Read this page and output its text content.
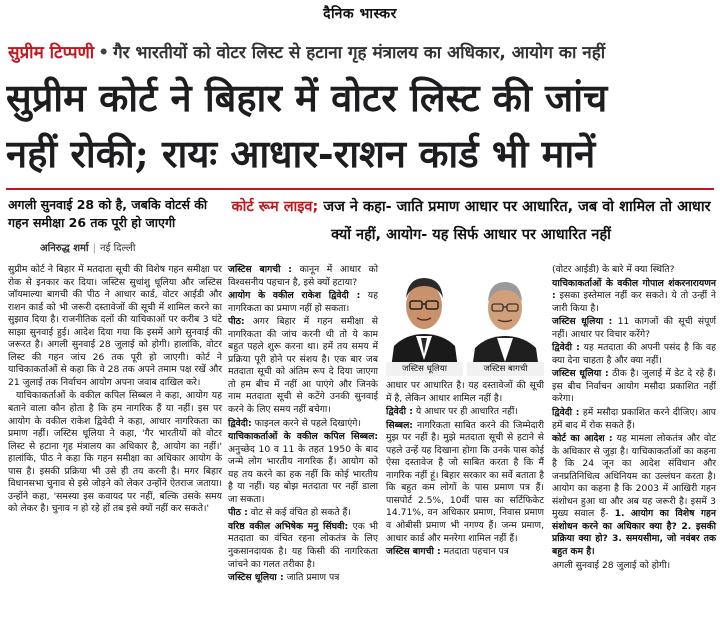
दैनिक भास्कर
सुप्रीम टिप्पणी • गैर भारतीयों को वोटर लिस्ट से हटाना गृह मंत्रालय का अधिकार, आयोग का नहीं
सुप्रीम कोर्ट ने बिहार में वोटर लिस्ट की जांच
नहीं रोकी; रायः आधार-राशन कार्ड भी मानें
अगली सुनवाई 28 को है, जबकि वोटर्स की गहन समीक्षा 26 तक पूरी हो जाएगी
अनिरुद्ध शर्मा | नई दिल्ली
कोर्ट रूम लाइव; जज ने कहा- जाति प्रमाण आधार पर आधारित, जब वो शामिल तो आधार क्यों नहीं, आयोग- यह सिर्फ आधार पर आधारित नहीं

सुप्रीम कोर्ट ने बिहार में मतदाता सूची की विशेष गहन समीक्षा पर रोक से इनकार कर दिया। जस्टिस सुधांशु धूलिया और जस्टिस जॉयमाल्या बागची की पीठ ने आधार कार्ड, वोटर आईडी और राशन कार्ड को भी जरूरी दस्तावेजों की सूची में शामिल करने का सुझाव दिया है। राजनीतिक दलों की याचिकाओं पर करीब 3 घंटे साझा सुनवाई हुई। आदेश दिया गया कि इसमें आगे सुनवाई की जरूरत है। अगली सुनवाई 28 जुलाई को होगी। हालांकि, वोटर लिस्ट की गहन जांच 26 तक पूरी हो जाएगी। कोर्ट ने याचिकाकर्ताओं से कहा कि वे 28 तक अपने तमाम पक्ष रखें और 21 जुलाई तक निर्वाचन आयोग अपना जवाब दाखिल करे।

याचिकाकर्ताओं के वकील कपिल सिब्बल ने कहा, आयोग यह बताने वाला कौन होता है कि हम नागरिक हैं या नहीं। इस पर आयोग के वकील राकेश द्विवेदी ने कहा, आधार नागरिकता का प्रमाण नहीं। जस्टिस धूलिया ने कहा, 'गैर भारतीयों को वोटर लिस्ट से हटाना गृह मंत्रालय का अधिकार है, आयोग का नहीं।' हालांकि, पीठ ने कहा कि गहन समीक्षा का अधिकार आयोग के पास है। इसकी प्रक्रिया भी उसे ही तय करनी है। मगर बिहार विधानसभा चुनाव से इसे जोड़ने को लेकर उन्होंने ऐतराज जताया। उन्होंने कहा, 'समस्या इस कवायद पर नहीं, बल्कि उसके समय को लेकर है। चुनाव न हो रहे हों तब इसे क्यों नहीं कर सकते।'

जस्टिस बागची : कानून में आधार को विश्वसनीय पहचान है, इसे क्यों हटाया?

आयोग के वकील राकेश द्विवेदी : यह नागरिकता का प्रमाण नहीं हो सकता।

पीठ: अगर बिहार में गहन समीक्षा से नागरिकता की जांच करनी थी तो ये काम बहुत पहले शुरू करना था। हमें तय समय में प्रक्रिया पूरी होने पर संशय है। एक बार जब मतदाता सूची को अंतिम रूप दे दिया जाएगा तो हम बीच में नहीं आ पाएंगे और जिनके नाम मतदाता सूची से कटेंगे उनकी सुनवाई करने के लिए समय नहीं बचेगा।

द्विवेदी: फाइनल करने से पहले दिखाएंगे।

याचिकाकर्ताओं के वकील कपिल सिब्बल: अनुच्छेद 10 व 11 के तहत 1950 के बाद जन्मे लोग भारतीय नागरिक हैं। आयोग को यह तय करने का हक नहीं कि कोई भारतीय है या नहीं। यह बोझ मतदाता पर नहीं डाला जा सकता।

पीठ : वोट से कई वंचित हो सकते हैं।

वरिष्ठ वकील अभिषेक मनु सिंघवी: एक भी मतदाता का वंचित रहना लोकतंत्र के लिए नुकसानदायक है। यह किसी की नागरिकता जांचने का गलत तरीका है।

जस्टिस धूलिया : जाति प्रमाण पत्र

जस्टिस धूलिया	जस्टिस बागची

आधार पर आधारित है। यह दस्तावेजों की सूची में है, लेकिन आधार शामिल नहीं है।

द्विवेदी : ये आधार पर ही आधारित नहीं।

सिब्बल: नागरिकता साबित करने की जिम्मेदारी मुझ पर नहीं है। मुझे मतदाता सूची से हटाने से पहले उन्हें यह दिखाना होगा कि उनके पास कोई ऐसा दस्तावेज है जो साबित करता है कि मैं नागरिक नहीं हूं। बिहार सरकार का सर्वे बताता है कि बहुत कम लोगों के पास प्रमाण पत्र हैं। पासपोर्ट 2.5%, 10वीं पास का सर्टिफिकेट 14.71%, वन अधिकार प्रमाण, निवास प्रमाण व ओबीसी प्रमाण भी नगण्य हैं। जन्म प्रमाण, आधार कार्ड और मनरेगा शामिल नहीं हैं।

जस्टिस बागची : मतदाता पहचान पत्र

(वोटर आईडी) के बारे में क्या स्थिति?

याचिकाकर्ताओं के वकील गोपाल शंकरनारायणन : इसका इस्तेमाल नहीं कर सकते। ये तो उन्हीं ने जारी किया है।

जस्टिस धूलिया : 11 कागजों की सूची संपूर्ण नहीं। आधार पर विचार करेंगे?

द्विवेदी : यह मतदाता की अपनी पसंद है कि वह क्या देना चाहता है और क्या नहीं।

जस्टिस धूलिया : ठीक है। जुलाई में डेट दे रहे हैं। इस बीच निर्वाचन आयोग मसौदा प्रकाशित नहीं करेगा।

द्विवेदी : हमें मसौदा प्रकाशित करने दीजिए। आप हमें बाद में रोक सकते हैं।

कोर्ट का आदेश : यह मामला लोकतंत्र और वोट के अधिकार से जुड़ा है। याचिकाकर्ताओं का कहना है कि 24 जून का आदेश संविधान और जनप्रतिनिधित्व अधिनियम का उल्लंघन करता है। आयोग का कहना है कि 2003 में आखिरी गहन संशोधन हुआ था और अब यह जरूरी है। इसमें 3 मुख्य सवाल हैं- 1. आयोग का विशेष गहन संशोधन करने का अधिकार क्या है? 2. इसकी प्रक्रिया क्या हो? 3. समयसीमा, जो नवंबर तक बहुत कम है।

अगली सुनवाई 28 जुलाई को होगी।
